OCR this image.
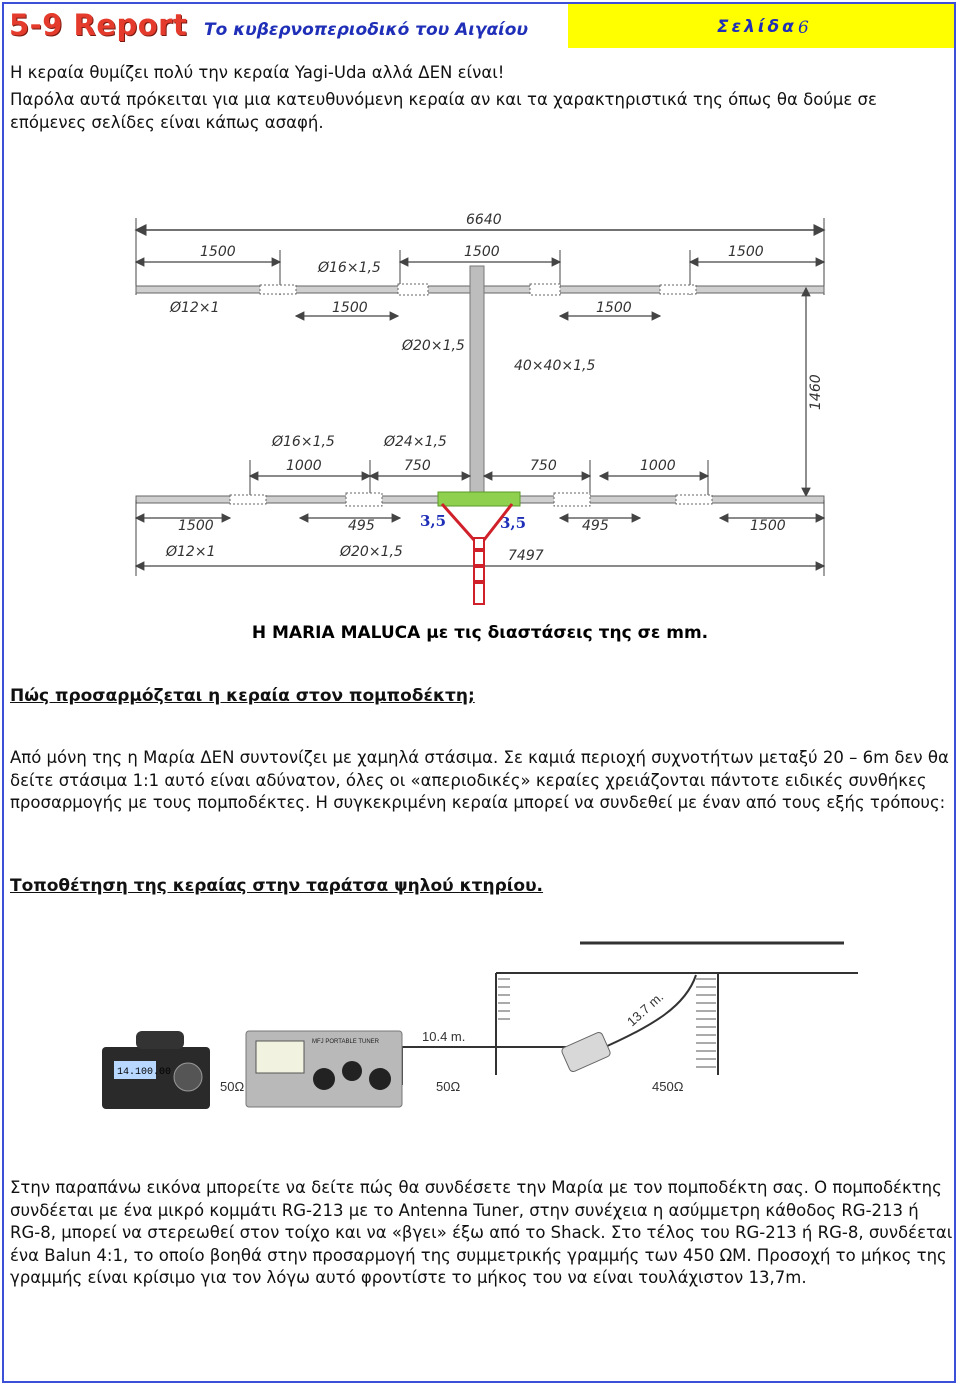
5-9 Report Το κυβερνοπεριοδικό του Αιγαίου	Σελίδα 6
Η κεραία θυμίζει πολύ την κεραία Yagi-Uda αλλά ΔΕΝ είναι!
Παρόλα αυτά πρόκειται για μια κατευθυνόμενη κεραία αν και τα χαρακτηριστικά της όπως θα δούμε σε επόμενες σελίδες είναι κάπως ασαφή.
6640
1500	1500	1500
Ø16×1,5
Ø12×1	1500	1500
Ø20×1,5
40×40×1,5
1460
Ø16×1,5	Ø24×1,5
1000	750	750	1000
1500	495	3,5	3,5	495	1500
Ø12×1	Ø20×1,5	7497
Η MARIA MALUCA με τις διαστάσεις της σε mm.
Πώς προσαρμόζεται η κεραία στον πομποδέκτη;
Από μόνη της η Μαρία ΔΕΝ συντονίζει με χαμηλά στάσιμα. Σε καμιά περιοχή συχνοτήτων μεταξύ 20 – 6m δεν θα δείτε στάσιμα 1:1 αυτό είναι αδύνατον, όλες οι «απεριοδικές» κεραίες χρειάζονται πάντοτε ειδικές συνθήκες προσαρμογής με τους πομποδέκτες. Η συγκεκριμένη κεραία μπορεί να συνδεθεί με έναν από τους εξής τρόπους:
Τοποθέτηση της κεραίας στην ταράτσα ψηλού κτηρίου.
10.4 m.
13.7 m.
14.100.00
50Ω
MFJ PORTABLE TUNER
50Ω	450Ω
Στην παραπάνω εικόνα μπορείτε να δείτε πώς θα συνδέσετε την Μαρία με τον πομποδέκτη σας. Ο πομποδέκτης συνδέεται με ένα μικρό κομμάτι RG-213 με το Antenna Tuner, στην συνέχεια η ασύμμετρη κάθοδος RG-213 ή RG-8, μπορεί να στερεωθεί στον τοίχο και να «βγει» έξω από το Shack. Στο τέλος του RG-213 ή RG-8, συνδέεται ένα Balun 4:1, το οποίο βοηθά στην προσαρμογή της συμμετρικής γραμμής των 450 ΩΜ. Προσοχή το μήκος της γραμμής είναι κρίσιμο για τον λόγω αυτό φροντίστε το μήκος του να είναι τουλάχιστον 13,7m.
